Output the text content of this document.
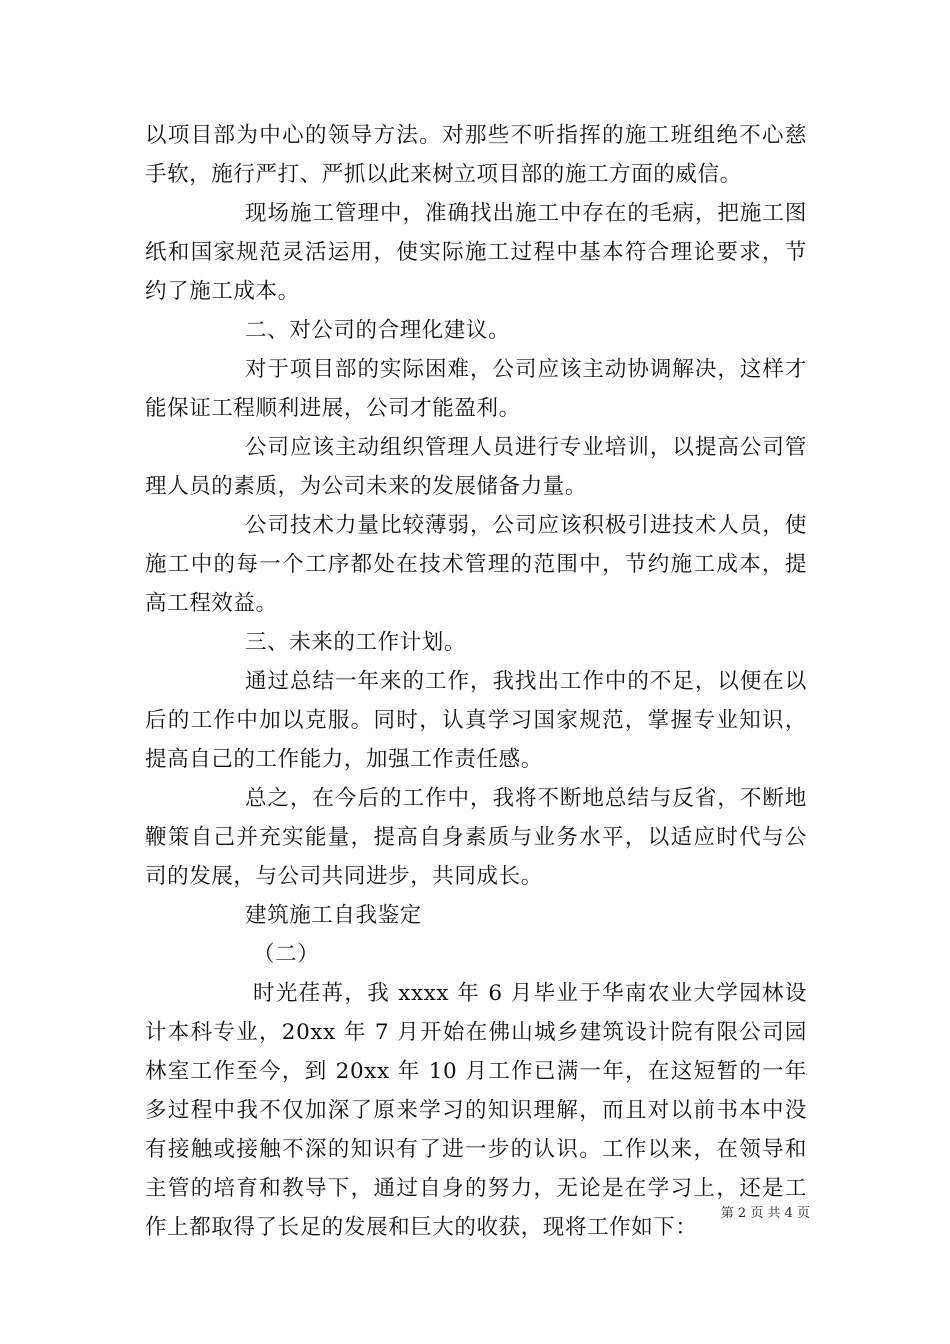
以项目部为中心的领导方法。对那些不听指挥的施工班组绝不心慈手软，施行严打、严抓以此来树立项目部的施工方面的威信。

现场施工管理中，准确找出施工中存在的毛病，把施工图纸和国家规范灵活运用，使实际施工过程中基本符合理论要求，节约了施工成本。

二、对公司的合理化建议。

对于项目部的实际困难，公司应该主动协调解决，这样才能保证工程顺利进展，公司才能盈利。

公司应该主动组织管理人员进行专业培训，以提高公司管理人员的素质，为公司未来的发展储备力量。

公司技术力量比较薄弱，公司应该积极引进技术人员，使施工中的每一个工序都处在技术管理的范围中，节约施工成本，提高工程效益。

三、未来的工作计划。

通过总结一年来的工作，我找出工作中的不足，以便在以后的工作中加以克服。同时，认真学习国家规范，掌握专业知识，提高自己的工作能力，加强工作责任感。

总之，在今后的工作中，我将不断地总结与反省，不断地鞭策自己并充实能量，提高自身素质与业务水平，以适应时代与公司的发展，与公司共同进步，共同成长。

建筑施工自我鉴定

（二）

时光荏苒，我 xxxx 年 6 月毕业于华南农业大学园林设计本科专业，20xx 年 7 月开始在佛山城乡建筑设计院有限公司园林室工作至今，到 20xx 年 10 月工作已满一年，在这短暂的一年多过程中我不仅加深了原来学习的知识理解，而且对以前书本中没有接触或接触不深的知识有了进一步的认识。工作以来，在领导和主管的培育和教导下，通过自身的努力，无论是在学习上，还是工作上都取得了长足的发展和巨大的收获，现将工作如下：

第 2 页 共 4 页
